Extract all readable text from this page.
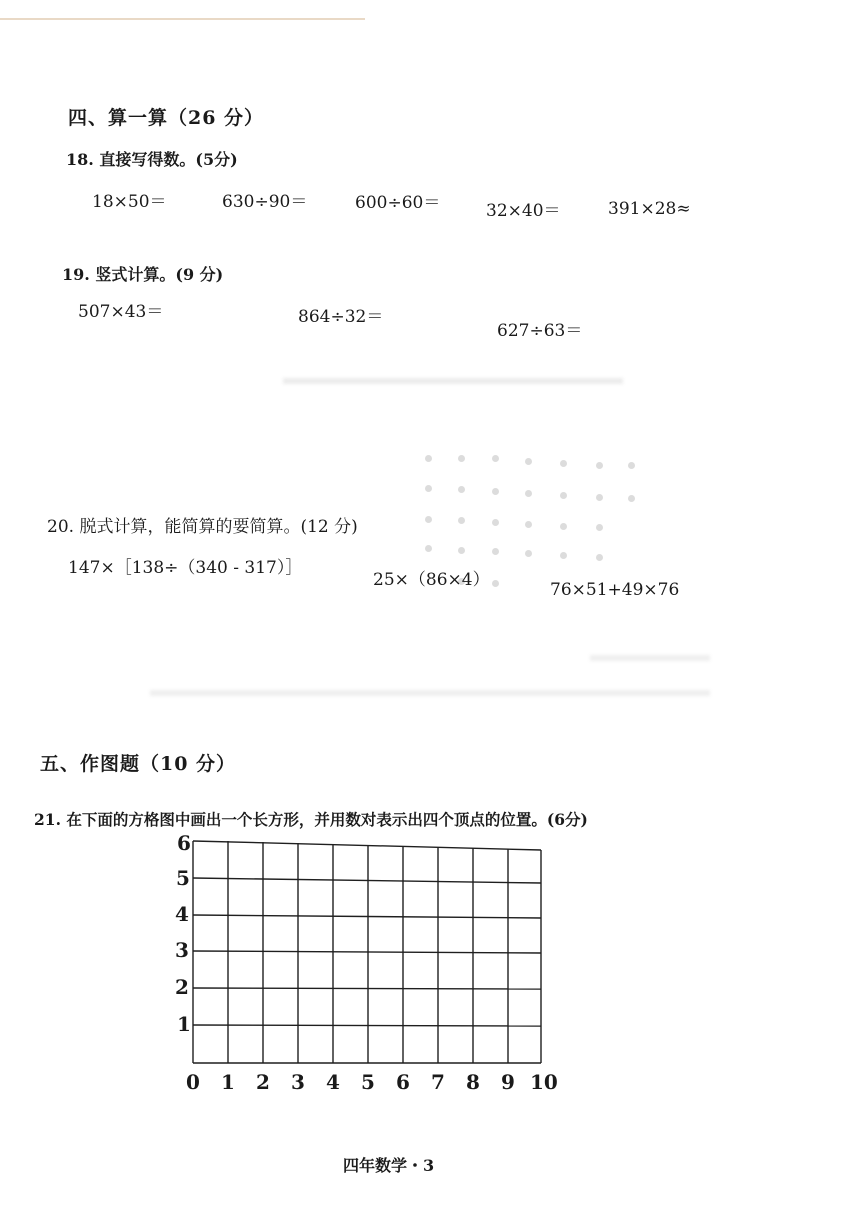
四、算一算（26 分）
18. 直接写得数。(5分)
18×50＝	630÷90＝	600÷60＝	32×40＝	391×28≈
19. 竖式计算。(9 分)
507×43＝	864÷32＝
627÷63＝
20. 脱式计算，能简算的要简算。(12 分)
147×［138÷（340 - 317）］
25×（86×4）	76×51+49×76
五、作图题（10 分）
21. 在下面的方格图中画出一个长方形，并用数对表示出四个顶点的位置。(6分)
1
2
3
4
5
6
0 1 2 3 4 5 6 7 8 9 10
四年数学・3
